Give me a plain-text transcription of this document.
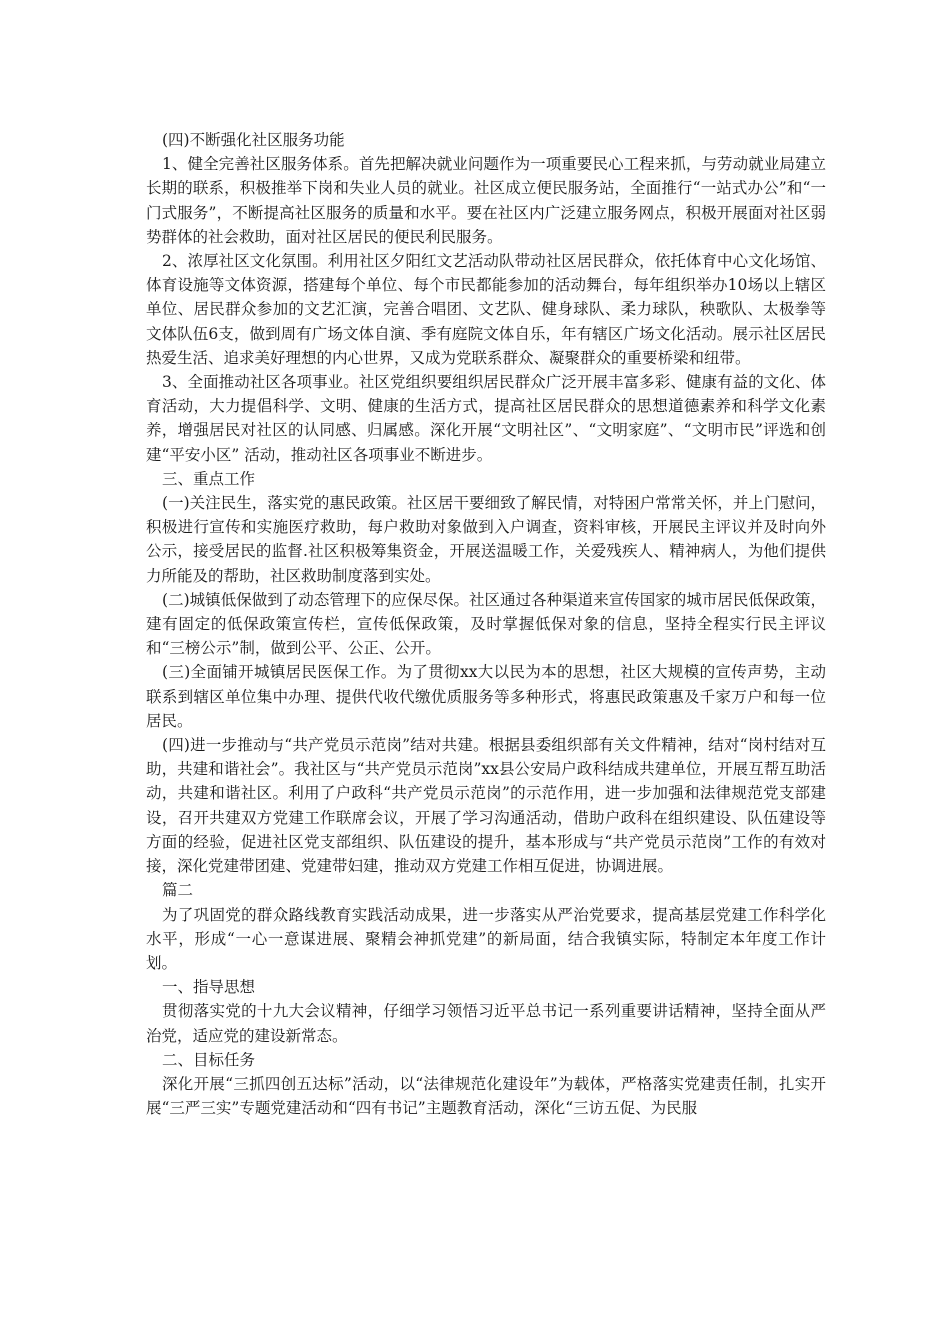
(四)不断强化社区服务功能

1、健全完善社区服务体系。首先把解决就业问题作为一项重要民心工程来抓，与劳动就业局建立长期的联系，积极推举下岗和失业人员的就业。社区成立便民服务站，全面推行“一站式办公”和“一门式服务”，不断提高社区服务的质量和水平。要在社区内广泛建立服务网点，积极开展面对社区弱势群体的社会救助，面对社区居民的便民利民服务。

2、浓厚社区文化氛围。利用社区夕阳红文艺活动队带动社区居民群众，依托体育中心文化场馆、体育设施等文体资源，搭建每个单位、每个市民都能参加的活动舞台，每年组织举办10场以上辖区单位、居民群众参加的文艺汇演，完善合唱团、文艺队、健身球队、柔力球队，秧歌队、太极拳等文体队伍6支，做到周有广场文体自演、季有庭院文体自乐，年有辖区广场文化活动。展示社区居民热爱生活、追求美好理想的内心世界，又成为党联系群众、凝聚群众的重要桥梁和纽带。

3、全面推动社区各项事业。社区党组织要组织居民群众广泛开展丰富多彩、健康有益的文化、体育活动，大力提倡科学、文明、健康的生活方式，提高社区居民群众的思想道德素养和科学文化素养，增强居民对社区的认同感、归属感。深化开展“文明社区”、“文明家庭”、“文明市民”评选和创建“平安小区” 活动，推动社区各项事业不断进步。

三、重点工作

(一)关注民生，落实党的惠民政策。社区居干要细致了解民情，对特困户常常关怀，并上门慰问，积极进行宣传和实施医疗救助，每户救助对象做到入户调查，资料审核，开展民主评议并及时向外公示，接受居民的监督.社区积极筹集资金，开展送温暖工作，关爱残疾人、精神病人，为他们提供力所能及的帮助，社区救助制度落到实处。

(二)城镇低保做到了动态管理下的应保尽保。社区通过各种渠道来宣传国家的城市居民低保政策，建有固定的低保政策宣传栏，宣传低保政策，及时掌握低保对象的信息，坚持全程实行民主评议和“三榜公示”制，做到公平、公正、公开。

(三)全面铺开城镇居民医保工作。为了贯彻xx大以民为本的思想，社区大规模的宣传声势，主动联系到辖区单位集中办理、提供代收代缴优质服务等多种形式，将惠民政策惠及千家万户和每一位居民。

(四)进一步推动与“共产党员示范岗”结对共建。根据县委组织部有关文件精神，结对“岗村结对互助，共建和谐社会”。我社区与“共产党员示范岗”xx县公安局户政科结成共建单位，开展互帮互助活动，共建和谐社区。利用了户政科“共产党员示范岗”的示范作用，进一步加强和法律规范党支部建设，召开共建双方党建工作联席会议，开展了学习沟通活动，借助户政科在组织建设、队伍建设等方面的经验，促进社区党支部组织、队伍建设的提升，基本形成与“共产党员示范岗”工作的有效对接，深化党建带团建、党建带妇建，推动双方党建工作相互促进，协调进展。

篇二

为了巩固党的群众路线教育实践活动成果，进一步落实从严治党要求，提高基层党建工作科学化水平，形成“一心一意谋进展、聚精会神抓党建”的新局面，结合我镇实际，特制定本年度工作计划。

一、指导思想

贯彻落实党的十九大会议精神，仔细学习领悟习近平总书记一系列重要讲话精神，坚持全面从严治党，适应党的建设新常态。

二、目标任务

深化开展“三抓四创五达标”活动，以“法律规范化建设年”为载体，严格落实党建责任制，扎实开展“三严三实”专题党建活动和“四有书记”主题教育活动，深化“三访五促、为民服
